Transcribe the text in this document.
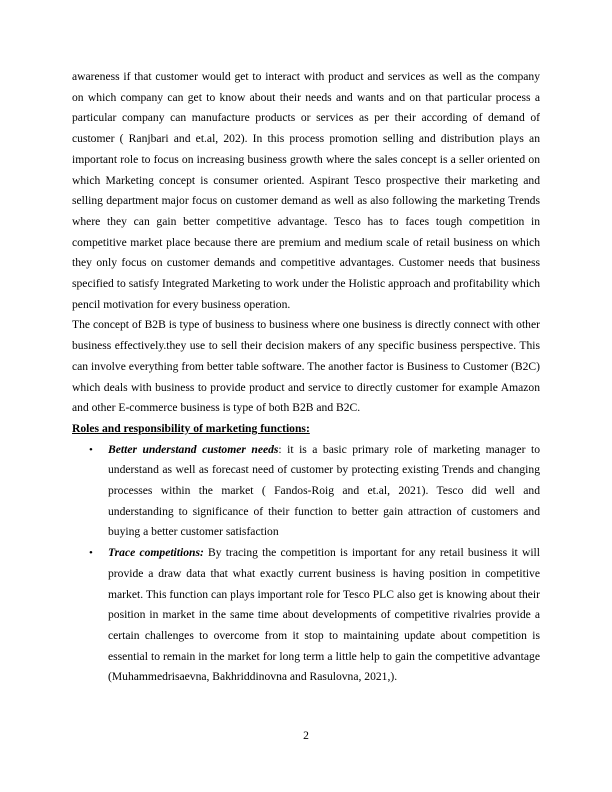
awareness if that customer would get to interact with product and services as well as the company on which company can get to know about their needs and wants and on that particular process a particular company can manufacture products or services as per their according of demand of customer ( Ranjbari and et.al, 202). In this process promotion selling and distribution plays an important role to focus on increasing business growth where the sales concept is a seller oriented on which Marketing concept is consumer oriented. Aspirant Tesco prospective their marketing and selling department major focus on customer demand as well as also following the marketing Trends where they can gain better competitive advantage. Tesco has to faces tough competition in competitive market place because there are premium and medium scale of retail business on which they only focus on customer demands and competitive advantages. Customer needs that business specified to satisfy Integrated Marketing to work under the Holistic approach and profitability which pencil motivation for every business operation.

The concept of B2B is type of business to business where one business is directly connect with other business effectively.they use to sell their decision makers of any specific business perspective. This can involve everything from better table software. The another factor is Business to Customer (B2C) which deals with business to provide product and service to directly customer for example Amazon and other E-commerce business is type of both B2B and B2C.

Roles and responsibility of marketing functions:

• Better understand customer needs: it is a basic primary role of marketing manager to understand as well as forecast need of customer by protecting existing Trends and changing processes within the market ( Fandos-Roig and et.al, 2021). Tesco did well and understanding to significance of their function to better gain attraction of customers and buying a better customer satisfaction
• Trace competitions: By tracing the competition is important for any retail business it will provide a draw data that what exactly current business is having position in competitive market. This function can plays important role for Tesco PLC also get is knowing about their position in market in the same time about developments of competitive rivalries provide a certain challenges to overcome from it stop to maintaining update about competition is essential to remain in the market for long term a little help to gain the competitive advantage (Muhammedrisaevna, Bakhriddinovna and Rasulovna, 2021,).
2
